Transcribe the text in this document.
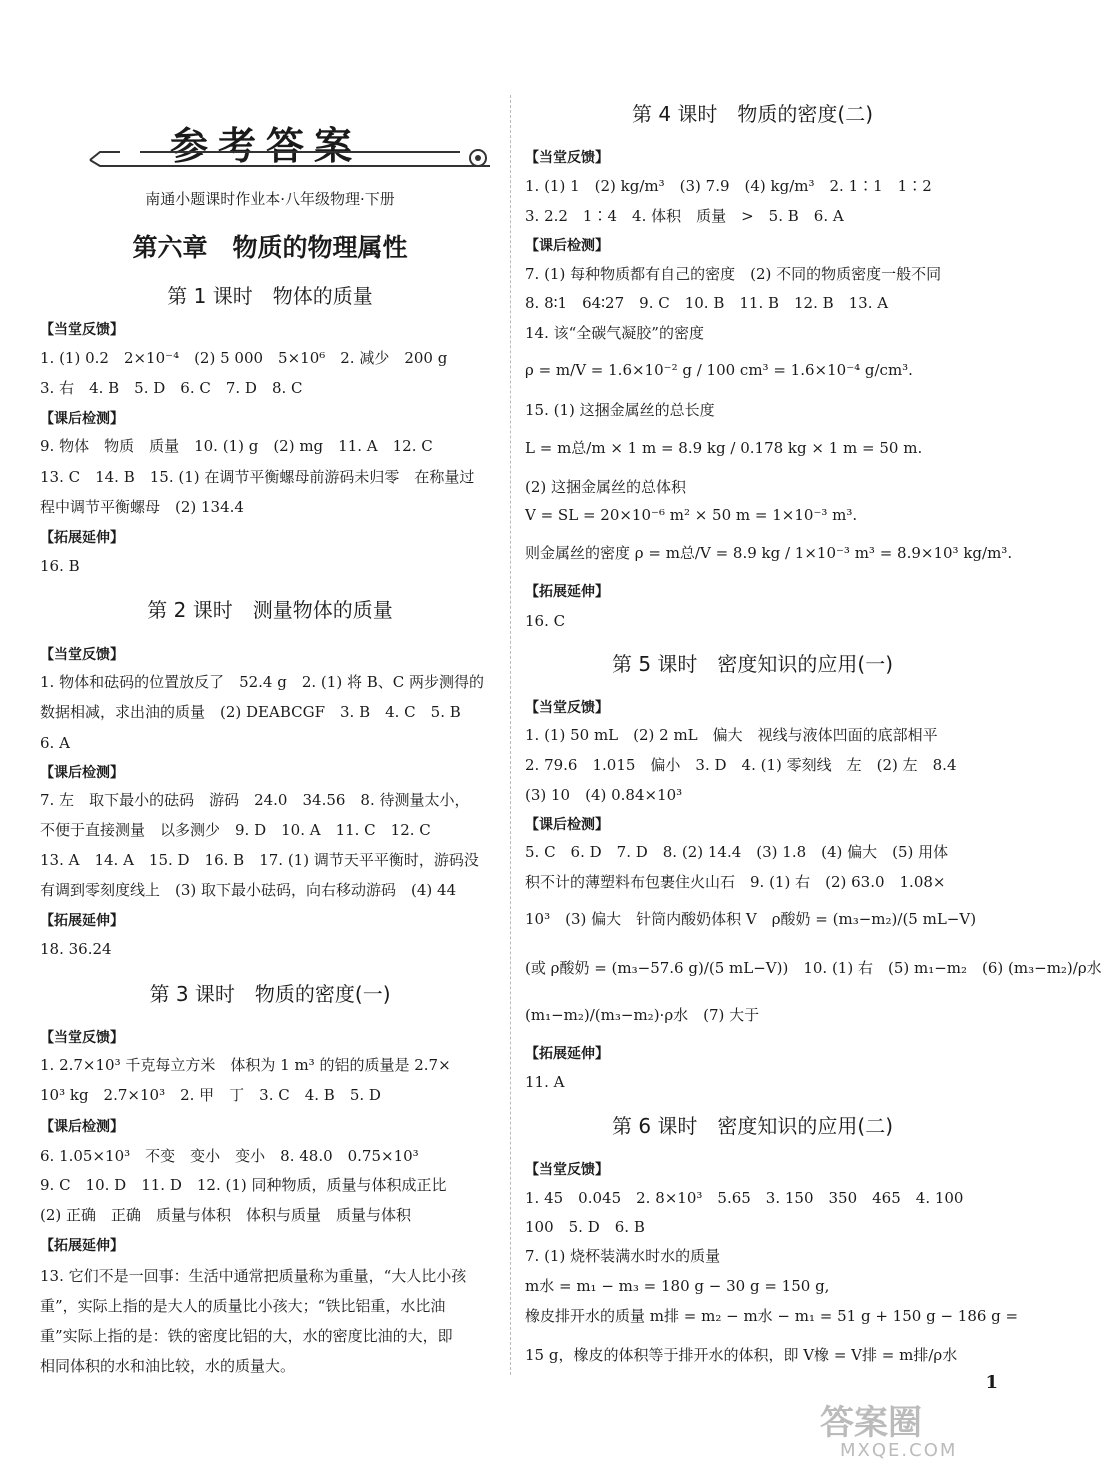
参考答案
南通小题课时作业本·八年级物理·下册
第六章　物质的物理属性
第 1 课时　物体的质量
【当堂反馈】
1. (1) 0.2　2×10⁻⁴　(2) 5 000　5×10⁶　2. 减少　200 g
3. 右　4. B　5. D　6. C　7. D　8. C
【课后检测】
9. 物体　物质　质量　10. (1) g　(2) mg　11. A　12. C
13. C　14. B　15. (1) 在调节平衡螺母前游码未归零　在称量过
程中调节平衡螺母　(2) 134.4
【拓展延伸】
16. B
第 2 课时　测量物体的质量
【当堂反馈】
1. 物体和砝码的位置放反了　52.4 g　2. (1) 将 B、C 两步测得的
数据相减，求出油的质量　(2) DEABCGF　3. B　4. C　5. B
6. A
【课后检测】
7. 左　取下最小的砝码　游码　24.0　34.56　8. 待测量太小，
不便于直接测量　以多测少　9. D　10. A　11. C　12. C
13. A　14. A　15. D　16. B　17. (1) 调节天平平衡时，游码没
有调到零刻度线上　(3) 取下最小砝码，向右移动游码　(4) 44
【拓展延伸】
18. 36.24
第 3 课时　物质的密度(一)
【当堂反馈】
1. 2.7×10³ 千克每立方米　体积为 1 m³ 的铝的质量是 2.7×
10³ kg　2.7×10³　2. 甲　丁　3. C　4. B　5. D
【课后检测】
6. 1.05×10³　不变　变小　变小　8. 48.0　0.75×10³
9. C　10. D　11. D　12. (1) 同种物质，质量与体积成正比
(2) 正确　正确　质量与体积　体积与质量　质量与体积
【拓展延伸】
13. 它们不是一回事：生活中通常把质量称为重量，“大人比小孩
重”，实际上指的是大人的质量比小孩大；“铁比铝重，水比油
重”实际上指的是：铁的密度比铝的大，水的密度比油的大，即
相同体积的水和油比较，水的质量大。
第 4 课时　物质的密度(二)
【当堂反馈】
1. (1) 1　(2) kg/m³　(3) 7.9　(4) kg/m³　2. 1∶1　1∶2
3. 2.2　1∶4　4. 体积　质量　>　5. B　6. A
【课后检测】
7. (1) 每种物质都有自己的密度　(2) 不同的物质密度一般不同
8. 8∶1　64∶27　9. C　10. B　11. B　12. B　13. A
14. 该“全碳气凝胶”的密度
ρ = m/V = 1.6×10⁻² g / 100 cm³ = 1.6×10⁻⁴ g/cm³.
15. (1) 这捆金属丝的总长度
L = m总/m × 1 m = 8.9 kg / 0.178 kg × 1 m = 50 m.
(2) 这捆金属丝的总体积
V = SL = 20×10⁻⁶ m² × 50 m = 1×10⁻³ m³.
则金属丝的密度 ρ = m总/V = 8.9 kg / 1×10⁻³ m³ = 8.9×10³ kg/m³.
【拓展延伸】
16. C
第 5 课时　密度知识的应用(一)
【当堂反馈】
1. (1) 50 mL　(2) 2 mL　偏大　视线与液体凹面的底部相平
2. 79.6　1.015　偏小　3. D　4. (1) 零刻线　左　(2) 左　8.4
(3) 10　(4) 0.84×10³
【课后检测】
5. C　6. D　7. D　8. (2) 14.4　(3) 1.8　(4) 偏大　(5) 用体
积不计的薄塑料布包裹住火山石　9. (1) 右　(2) 63.0　1.08×
10³　(3) 偏大　针筒内酸奶体积 V　ρ酸奶 = (m₃−m₂)/(5 mL−V)
(或 ρ酸奶 = (m₃−57.6 g)/(5 mL−V))　10. (1) 右　(5) m₁−m₂　(6) (m₃−m₂)/ρ水
(m₁−m₂)/(m₃−m₂)·ρ水　(7) 大于
【拓展延伸】
11. A
第 6 课时　密度知识的应用(二)
【当堂反馈】
1. 45　0.045　2. 8×10³　5.65　3. 150　350　465　4. 100
100　5. D　6. B
7. (1) 烧杯装满水时水的质量
m水 = m₁ − m₃ = 180 g − 30 g = 150 g,
橡皮排开水的质量 m排 = m₂ − m水 − m₁ = 51 g + 150 g − 186 g =
15 g，橡皮的体积等于排开水的体积，即 V橡 = V排 = m排/ρ水
1
答案圈
MXQE.COM
